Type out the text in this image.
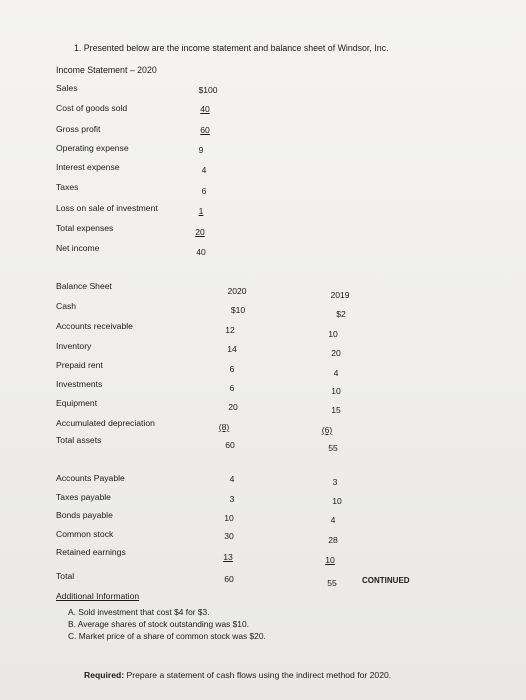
1. Presented below are the income statement and balance sheet of Windsor, Inc.
Income Statement – 2020
Sales	$100
Cost of goods sold	40
Gross profit	60
Operating expense	9
Interest expense	4
Taxes	6
Loss on sale of investment	1
Total expenses	20
Net income	40
Balance Sheet	2020	2019
Cash	$10	$2
Accounts receivable	12	10
Inventory	14	20
Prepaid rent	6	4
Investments	6	10
Equipment	20	15
Accumulated depreciation	(8)	(6)
Total assets	60	55
Accounts Payable	4	3
Taxes payable	3	10
Bonds payable	10	4
Common stock	30	28
Retained earnings	13	10
Total	60	55	CONTINUED
Additional Information
A. Sold investment that cost $4 for $3.
B. Average shares of stock outstanding was $10.
C. Market price of a share of common stock was $20.
Required: Prepare a statement of cash flows using the indirect method for 2020.
